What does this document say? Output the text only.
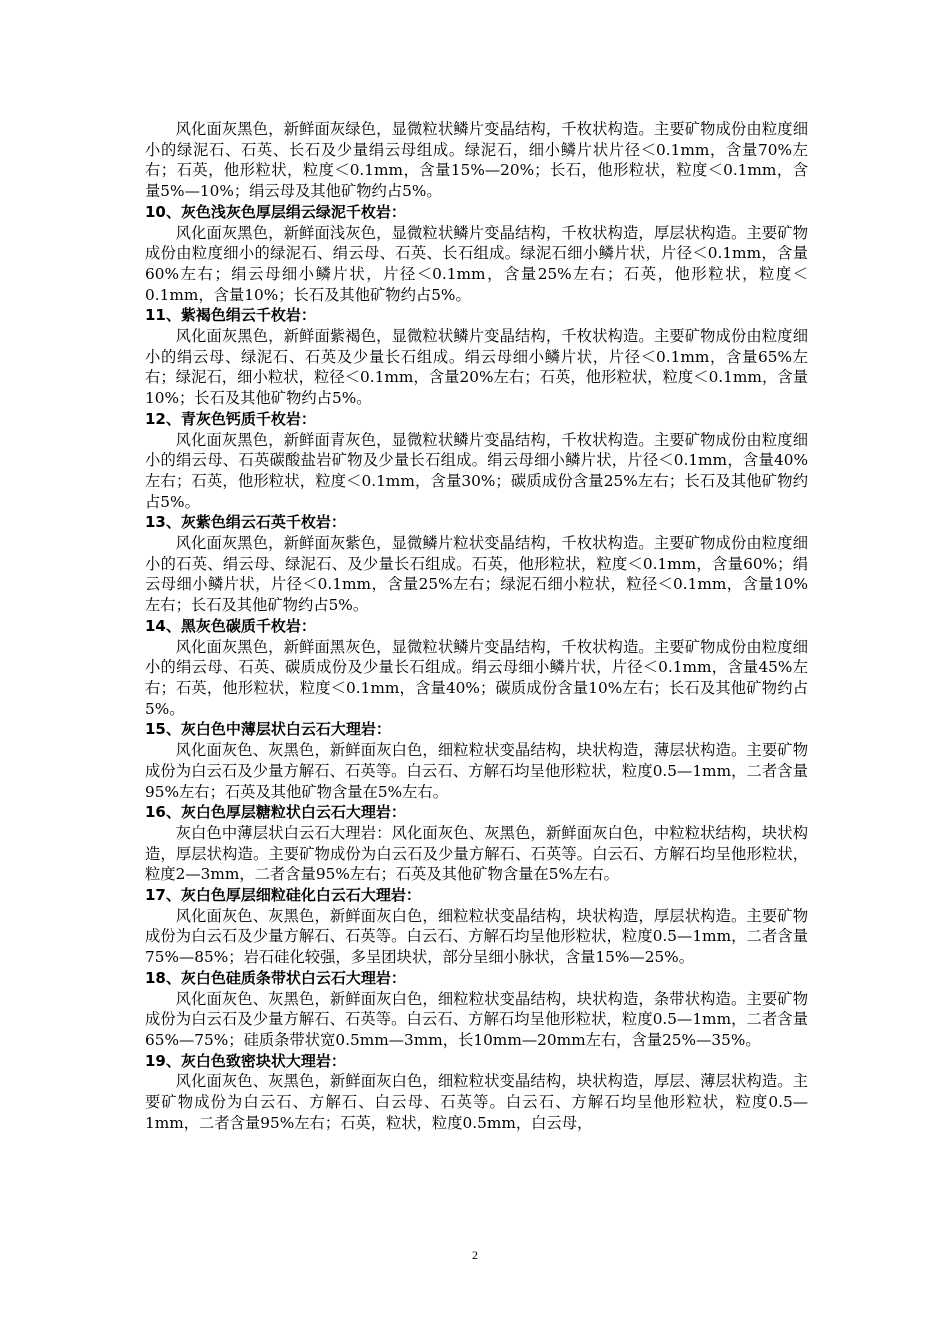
风化面灰黑色，新鲜面灰绿色，显微粒状鳞片变晶结构，千枚状构造。主要矿物成份由粒度细小的绿泥石、石英、长石及少量绢云母组成。绿泥石，细小鳞片状片径＜0.1mm，含量70%左右；石英，他形粒状，粒度＜0.1mm，含量15%—20%；长石，他形粒状，粒度＜0.1mm，含量5%—10%；绢云母及其他矿物约占5%。

10、灰色浅灰色厚层绢云绿泥千枚岩：

风化面灰黑色，新鲜面浅灰色，显微粒状鳞片变晶结构，千枚状构造，厚层状构造。主要矿物成份由粒度细小的绿泥石、绢云母、石英、长石组成。绿泥石细小鳞片状，片径＜0.1mm，含量60%左右；绢云母细小鳞片状，片径＜0.1mm，含量25%左右；石英，他形粒状，粒度＜0.1mm，含量10%；长石及其他矿物约占5%。

11、紫褐色绢云千枚岩：

风化面灰黑色，新鲜面紫褐色，显微粒状鳞片变晶结构，千枚状构造。主要矿物成份由粒度细小的绢云母、绿泥石、石英及少量长石组成。绢云母细小鳞片状，片径＜0.1mm，含量65%左右；绿泥石，细小粒状，粒径＜0.1mm，含量20%左右；石英，他形粒状，粒度＜0.1mm，含量10%；长石及其他矿物约占5%。

12、青灰色钙质千枚岩：

风化面灰黑色，新鲜面青灰色，显微粒状鳞片变晶结构，千枚状构造。主要矿物成份由粒度细小的绢云母、石英碳酸盐岩矿物及少量长石组成。绢云母细小鳞片状，片径＜0.1mm，含量40%左右；石英，他形粒状，粒度＜0.1mm，含量30%；碳质成份含量25%左右；长石及其他矿物约占5%。

13、灰紫色绢云石英千枚岩：

风化面灰黑色，新鲜面灰紫色，显微鳞片粒状变晶结构，千枚状构造。主要矿物成份由粒度细小的石英、绢云母、绿泥石、及少量长石组成。石英，他形粒状，粒度＜0.1mm，含量60%；绢云母细小鳞片状，片径＜0.1mm，含量25%左右；绿泥石细小粒状，粒径＜0.1mm，含量10%左右；长石及其他矿物约占5%。

14、黑灰色碳质千枚岩：

风化面灰黑色，新鲜面黑灰色，显微粒状鳞片变晶结构，千枚状构造。主要矿物成份由粒度细小的绢云母、石英、碳质成份及少量长石组成。绢云母细小鳞片状，片径＜0.1mm，含量45%左右；石英，他形粒状，粒度＜0.1mm，含量40%；碳质成份含量10%左右；长石及其他矿物约占5%。

15、灰白色中薄层状白云石大理岩：

风化面灰色、灰黑色，新鲜面灰白色，细粒粒状变晶结构，块状构造，薄层状构造。主要矿物成份为白云石及少量方解石、石英等。白云石、方解石均呈他形粒状，粒度0.5—1mm，二者含量95%左右；石英及其他矿物含量在5%左右。

16、灰白色厚层糖粒状白云石大理岩：

灰白色中薄层状白云石大理岩：风化面灰色、灰黑色，新鲜面灰白色，中粒粒状结构，块状构造，厚层状构造。主要矿物成份为白云石及少量方解石、石英等。白云石、方解石均呈他形粒状，粒度2—3mm，二者含量95%左右；石英及其他矿物含量在5%左右。

17、灰白色厚层细粒硅化白云石大理岩：

风化面灰色、灰黑色，新鲜面灰白色，细粒粒状变晶结构，块状构造，厚层状构造。主要矿物成份为白云石及少量方解石、石英等。白云石、方解石均呈他形粒状，粒度0.5—1mm，二者含量75%—85%；岩石硅化较强，多呈团块状，部分呈细小脉状，含量15%—25%。

18、灰白色硅质条带状白云石大理岩：

风化面灰色、灰黑色，新鲜面灰白色，细粒粒状变晶结构，块状构造，条带状构造。主要矿物成份为白云石及少量方解石、石英等。白云石、方解石均呈他形粒状，粒度0.5—1mm，二者含量65%—75%；硅质条带状宽0.5mm—3mm，长10mm—20mm左右，含量25%—35%。

19、灰白色致密块状大理岩：

风化面灰色、灰黑色，新鲜面灰白色，细粒粒状变晶结构，块状构造，厚层、薄层状构造。主要矿物成份为白云石、方解石、白云母、石英等。白云石、方解石均呈他形粒状，粒度0.5—1mm，二者含量95%左右；石英，粒状，粒度0.5mm，白云母，

2
